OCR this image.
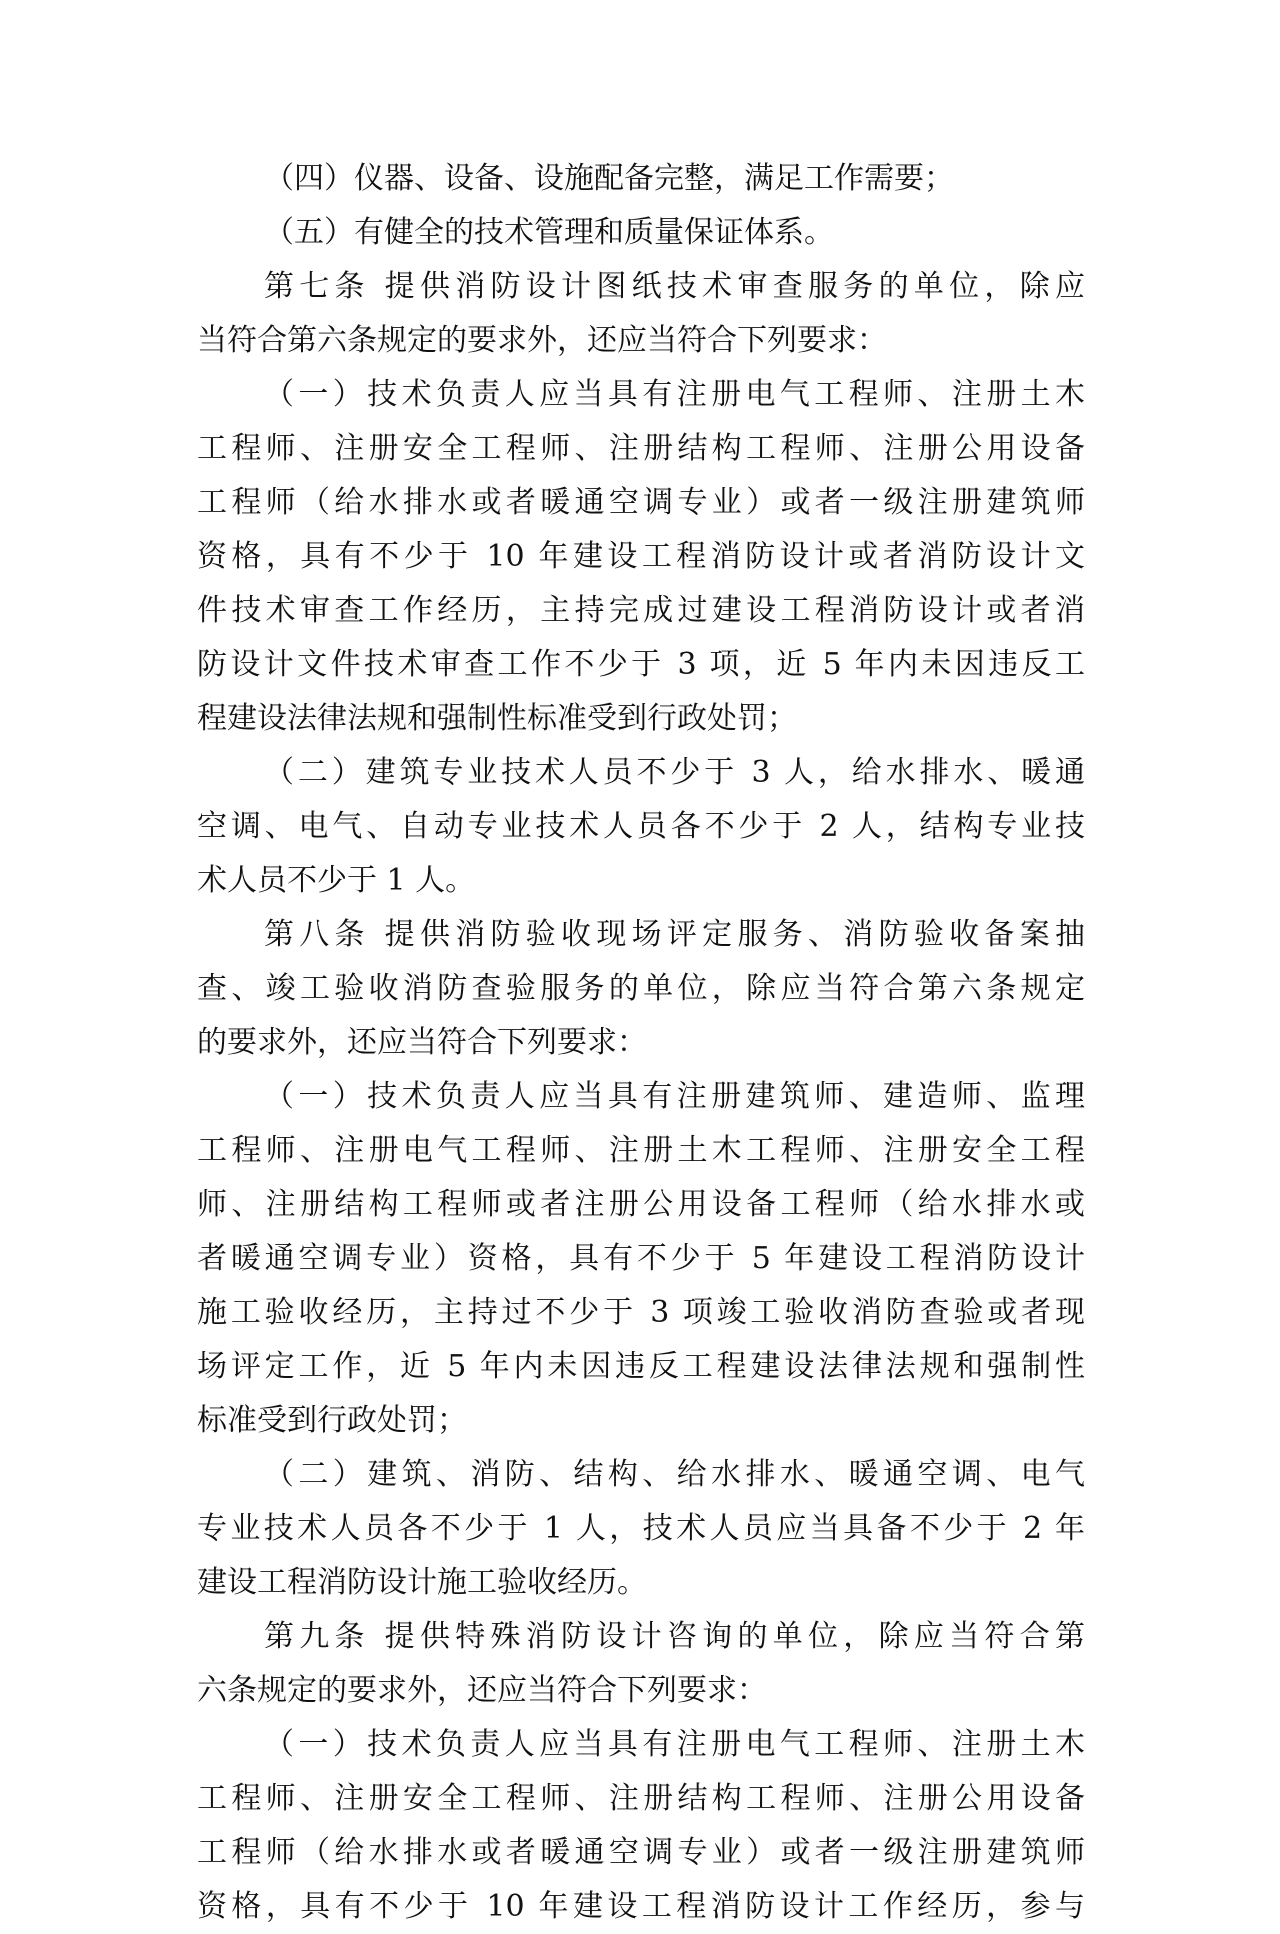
（四）仪器、设备、设施配备完整，满足工作需要；

（五）有健全的技术管理和质量保证体系。

第七条 提供消防设计图纸技术审查服务的单位，除应

当符合第六条规定的要求外，还应当符合下列要求：

（一）技术负责人应当具有注册电气工程师、注册土木

工程师、注册安全工程师、注册结构工程师、注册公用设备

工程师（给水排水或者暖通空调专业）或者一级注册建筑师

资格，具有不少于 10 年建设工程消防设计或者消防设计文

件技术审查工作经历，主持完成过建设工程消防设计或者消

防设计文件技术审查工作不少于 3 项，近 5 年内未因违反工

程建设法律法规和强制性标准受到行政处罚；

（二）建筑专业技术人员不少于 3 人，给水排水、暖通

空调、电气、自动专业技术人员各不少于 2 人，结构专业技

术人员不少于 1 人。

第八条 提供消防验收现场评定服务、消防验收备案抽

查、竣工验收消防查验服务的单位，除应当符合第六条规定

的要求外，还应当符合下列要求：

（一）技术负责人应当具有注册建筑师、建造师、监理

工程师、注册电气工程师、注册土木工程师、注册安全工程

师、注册结构工程师或者注册公用设备工程师（给水排水或

者暖通空调专业）资格，具有不少于 5 年建设工程消防设计

施工验收经历，主持过不少于 3 项竣工验收消防查验或者现

场评定工作，近 5 年内未因违反工程建设法律法规和强制性

标准受到行政处罚；

（二）建筑、消防、结构、给水排水、暖通空调、电气

专业技术人员各不少于 1 人，技术人员应当具备不少于 2 年

建设工程消防设计施工验收经历。

第九条 提供特殊消防设计咨询的单位，除应当符合第

六条规定的要求外，还应当符合下列要求：

（一）技术负责人应当具有注册电气工程师、注册土木

工程师、注册安全工程师、注册结构工程师、注册公用设备

工程师（给水排水或者暖通空调专业）或者一级注册建筑师

资格，具有不少于 10 年建设工程消防设计工作经历，参与
